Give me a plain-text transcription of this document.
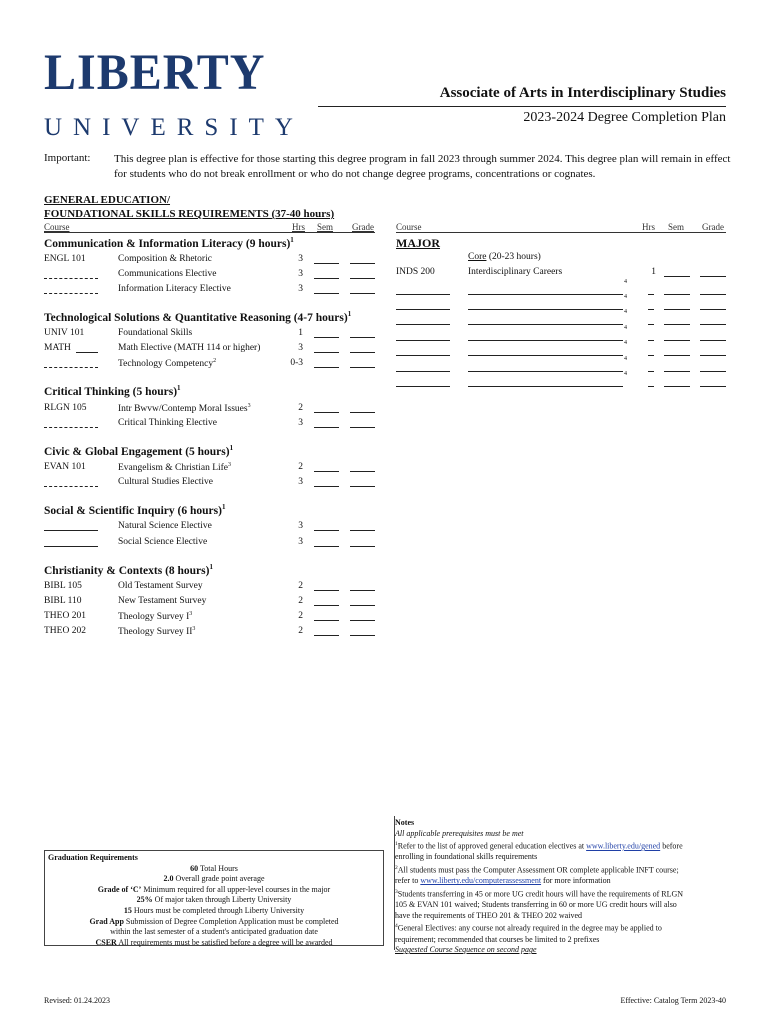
LIBERTY
UNIVERSITY
Associate of Arts in Interdisciplinary Studies
2023-2024 Degree Completion Plan
Important: This degree plan is effective for those starting this degree program in fall 2023 through summer 2024. This degree plan will remain in effect for students who do not break enrollment or who do not change degree programs, concentrations or cognates.
GENERAL EDUCATION/
FOUNDATIONAL SKILLS REQUIREMENTS (37-40 hours)
Course	Hrs Sem Grade Course	Hrs Sem Grade
Communication & Information Literacy (9 hours)$^1$
ENGL 101	Composition & Rhetoric	3
Communications Elective	3
Information Literacy Elective	3
Technological Solutions & Quantitative Reasoning (4-7 hours)$^1$
UNIV 101	Foundational Skills	1
MATH	Math Elective (MATH 114 or higher)	3
Technology Competency$^2$	0-3
Critical Thinking (5 hours)$^1$
RLGN 105	Intr Bwvw/Contemp Moral Issues$^3$	2
Critical Thinking Elective	3
Civic & Global Engagement (5 hours)$^1$
EVAN 101	Evangelism & Christian Life$^3$	2
Cultural Studies Elective	3
Social & Scientific Inquiry (6 hours)$^1$
Natural Science Elective	3
Social Science Elective	3
Christianity & Contexts (8 hours)$^1$
BIBL 105	Old Testament Survey	2
BIBL 110	New Testament Survey	2
THEO 201	Theology Survey $I^3$	2
THEO 202	Theology Survey $II^3$	2
MAJOR
Core (20-23 hours)
INDS 200	Interdisciplinary Careers	1
4
4
4
4
4
4
4
Graduation Requirements
60 Total Hours
2.0 Overall grade point average
Grade of ‘C’ Minimum required for all upper-level courses in the major
25% Of major taken through Liberty University
15 Hours must be completed through Liberty University
Grad App Submission of Degree Completion Application must be completed
within the last semester of a student's anticipated graduation date
CSER All requirements must be satisfied before a degree will be awarded
Notes
All applicable prerequisites must be met
$^1$Refer to the list of approved general education electives at www.liberty.edu/gened before
enrolling in foundational skills requirements
$^2$All students must pass the Computer Assessment OR complete applicable INFT course;
refer to www.liberty.edu/computerassessment for more information
$^3$Students transferring in 45 or more UG credit hours will have the requirements of RLGN
105 & EVAN 101 waived; Students transferring in 60 or more UG credit hours will also
have the requirements of THEO 201 & THEO 202 waived
$^4$General Electives: any course not already required in the degree may be applied to
requirement; recommended that courses be limited to 2 prefixes
Suggested Course Sequence on second page
Revised: 01.24.2023	Effective: Catalog Term 2023-40
